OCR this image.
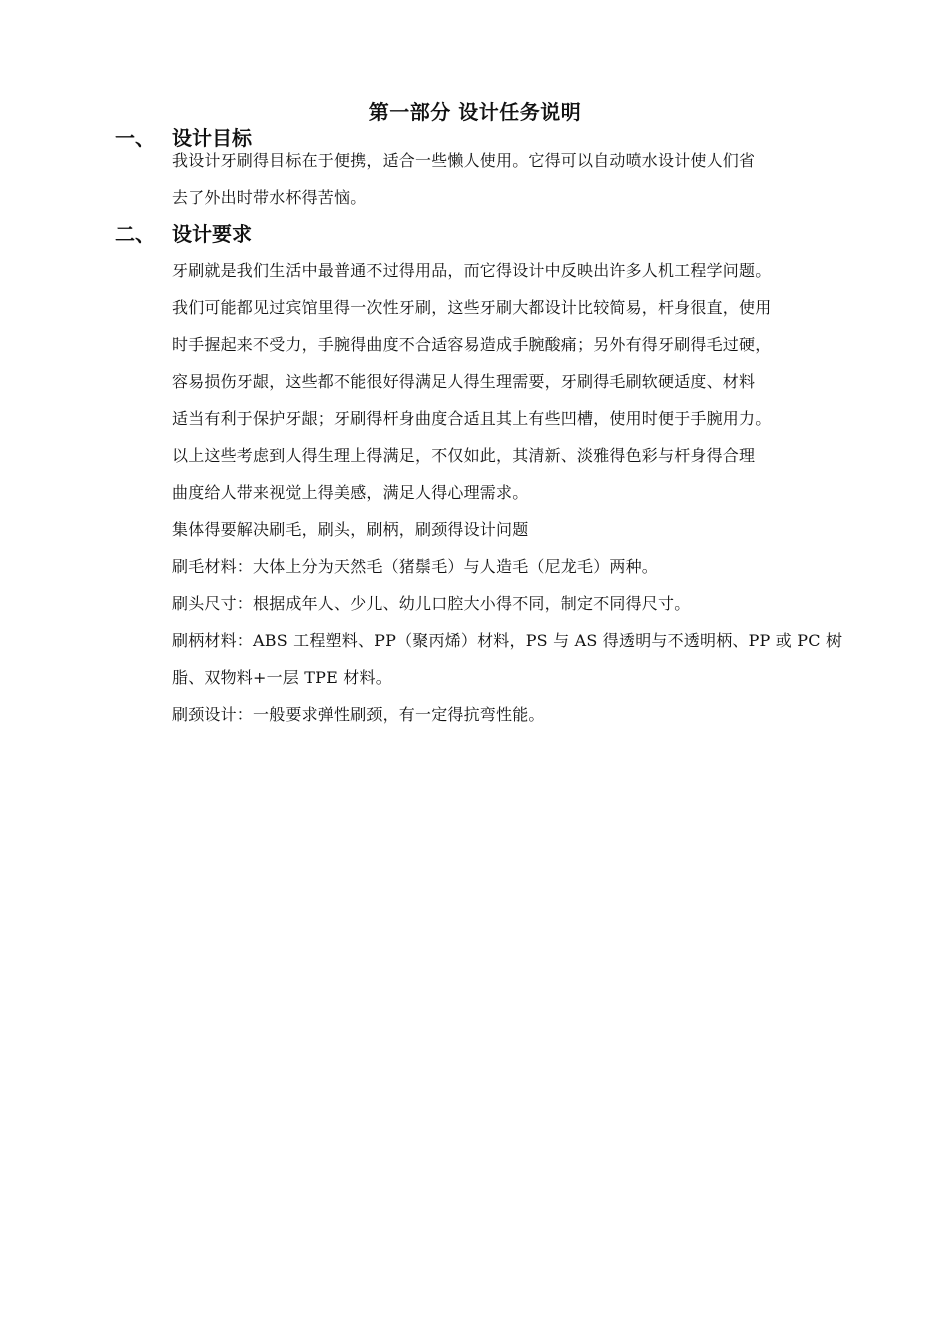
第一部分 设计任务说明
一、 设计目标
我设计牙刷得目标在于便携，适合一些懒人使用。它得可以自动喷水设计使人们省
去了外出时带水杯得苦恼。
二、 设计要求
牙刷就是我们生活中最普通不过得用品，而它得设计中反映出许多人机工程学问题。
我们可能都见过宾馆里得一次性牙刷，这些牙刷大都设计比较简易，杆身很直，使用
时手握起来不受力，手腕得曲度不合适容易造成手腕酸痛；另外有得牙刷得毛过硬，
容易损伤牙龈，这些都不能很好得满足人得生理需要，牙刷得毛刷软硬适度、材料
适当有利于保护牙龈；牙刷得杆身曲度合适且其上有些凹槽，使用时便于手腕用力。
以上这些考虑到人得生理上得满足，不仅如此，其清新、淡雅得色彩与杆身得合理
曲度给人带来视觉上得美感，满足人得心理需求。
集体得要解决刷毛，刷头，刷柄，刷颈得设计问题
刷毛材料：大体上分为天然毛（猪鬃毛）与人造毛（尼龙毛）两种。
刷头尺寸：根据成年人、少儿、幼儿口腔大小得不同，制定不同得尺寸。
刷柄材料：ABS 工程塑料、PP（聚丙烯）材料，PS 与 AS 得透明与不透明柄、PP 或 PC 树
脂、双物料+一层 TPE 材料。
刷颈设计：一般要求弹性刷颈，有一定得抗弯性能。
